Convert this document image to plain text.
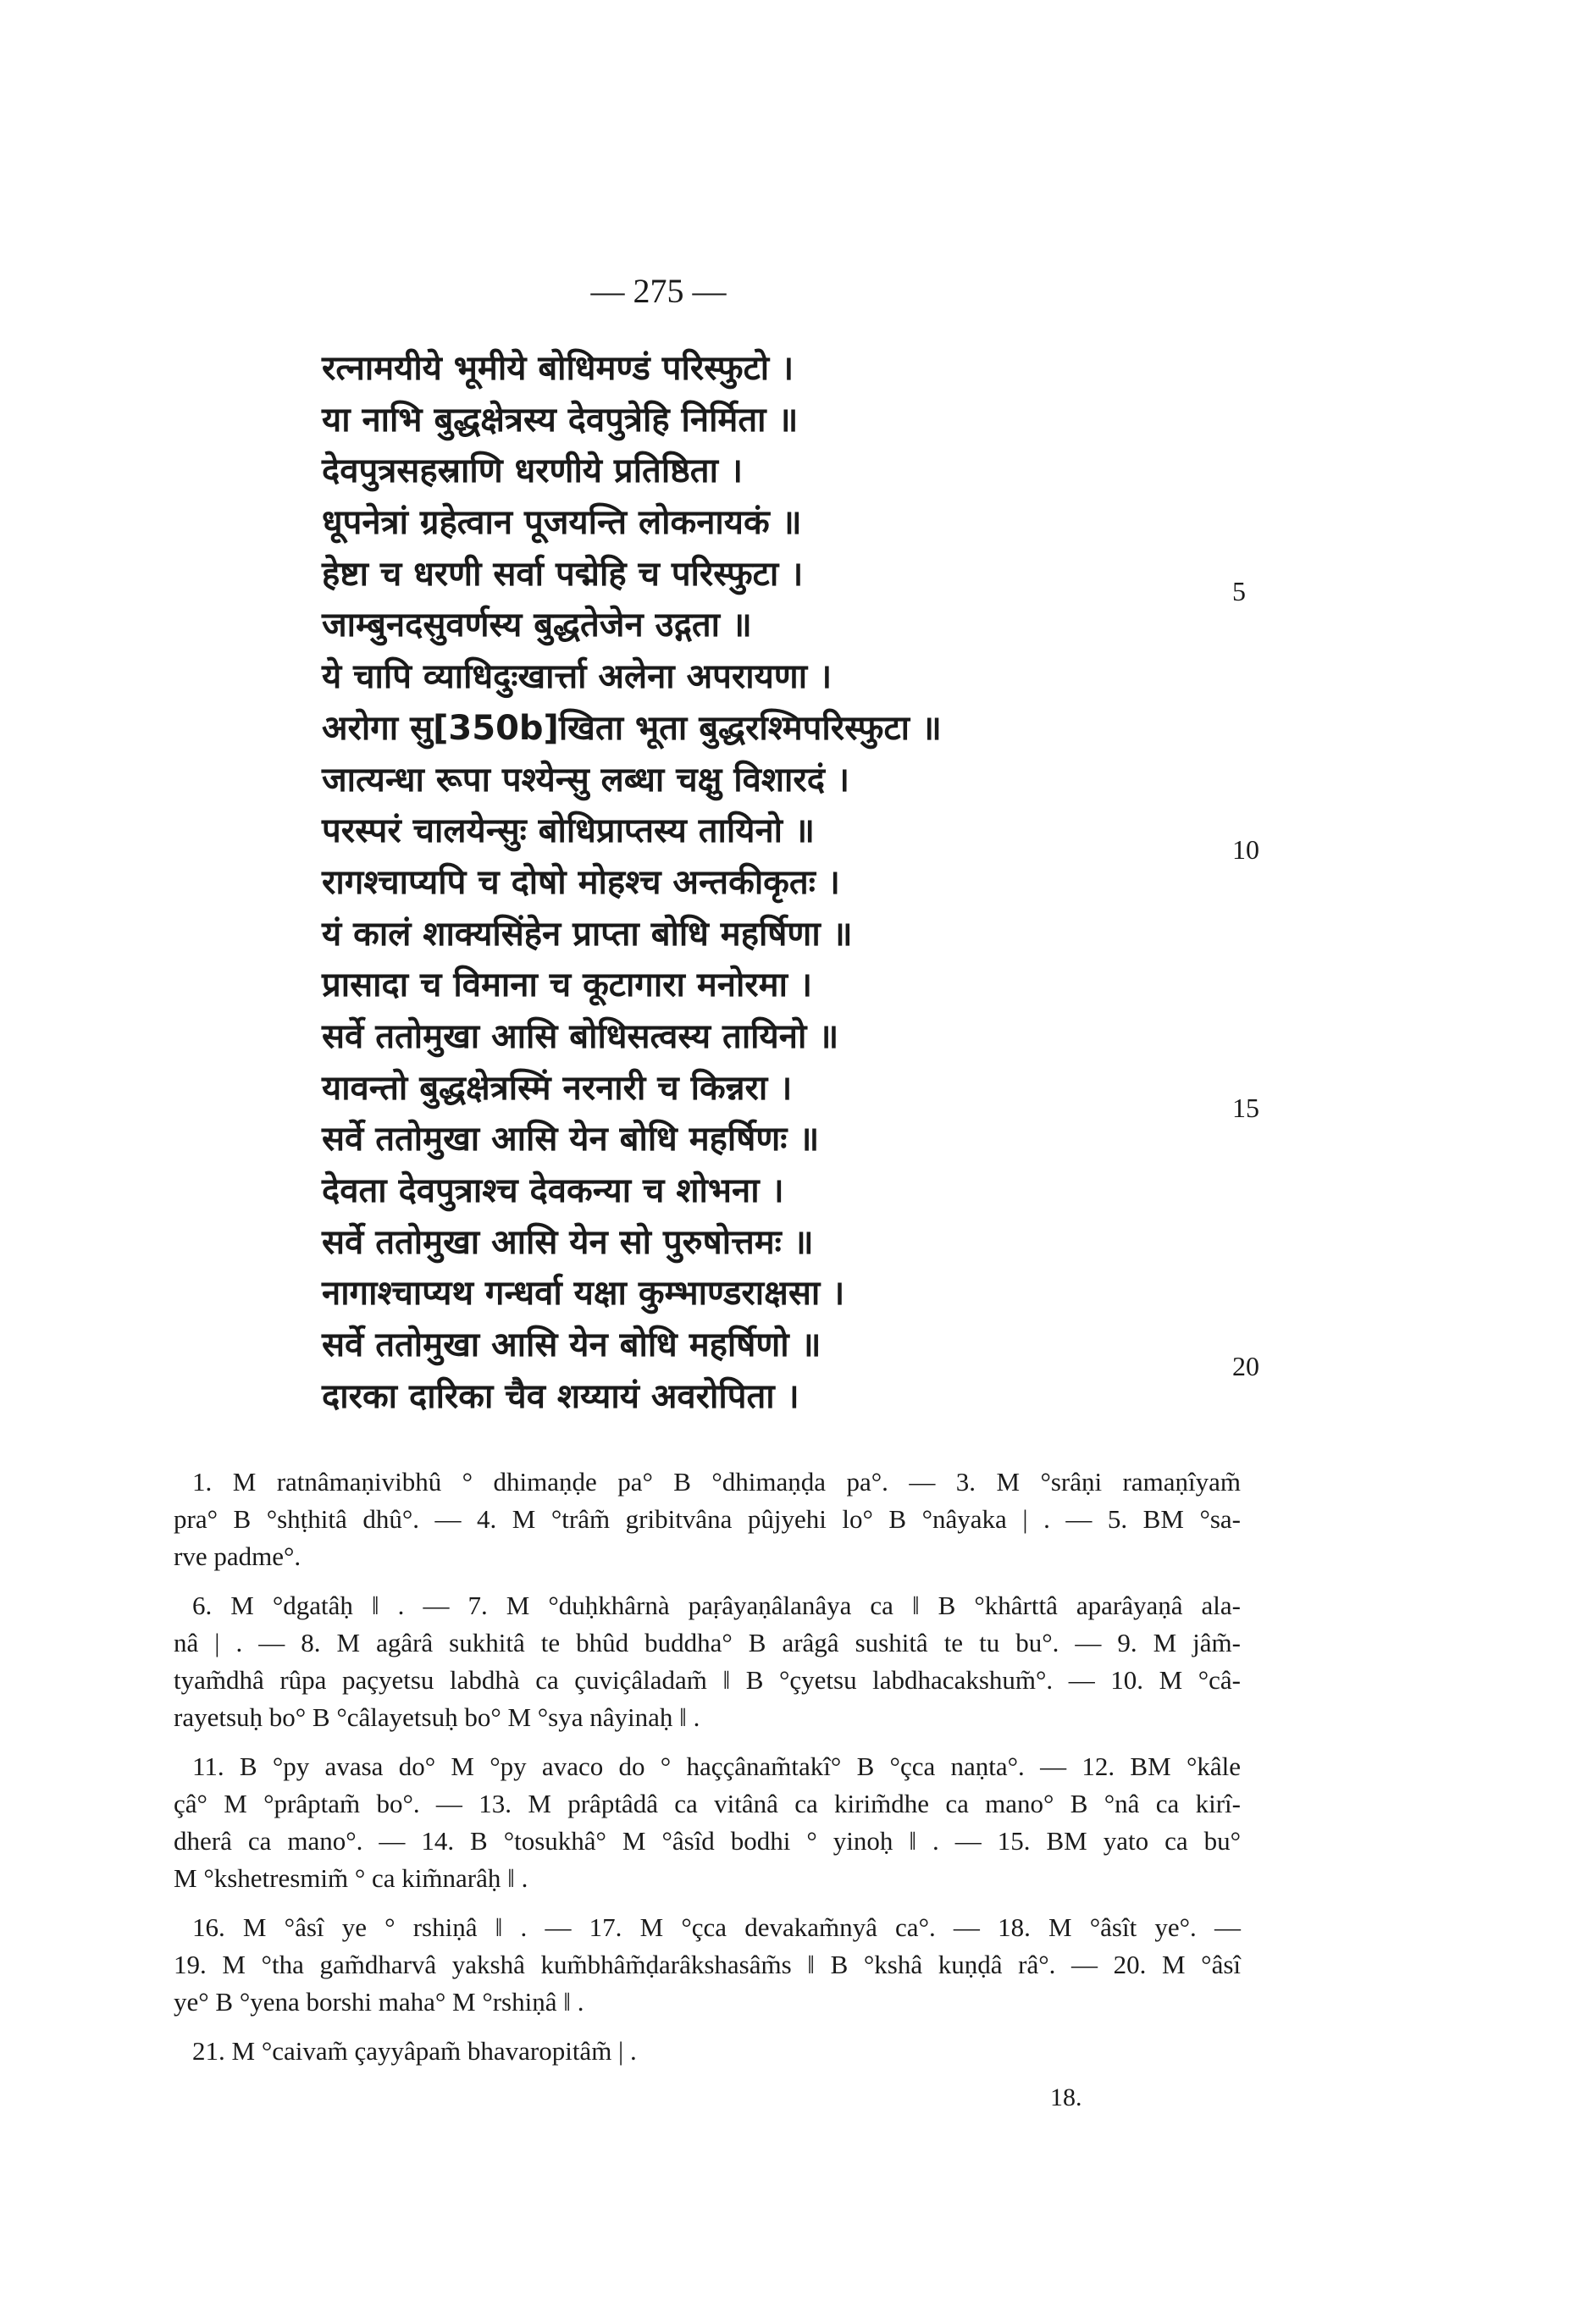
— 275 —
रत्नामयीये भूमीये बोधिमण्डं परिस्फुटो ।
या नाभि बुद्धक्षेत्रस्य देवपुत्रेहि निर्मिता ॥
देवपुत्रसहस्राणि धरणीये प्रतिष्ठिता ।
धूपनेत्रां ग्रहेत्वान पूजयन्ति लोकनायकं ॥
हेष्टा च धरणी सर्वा पद्मेहि च परिस्फुटा ।
जाम्बुनदसुवर्णस्य बुद्धतेजेन उद्गता ॥
ये चापि व्याधिदुःखार्त्ता अलेना अपरायणा ।
अरोगा सु[350b]खिता भूता बुद्धरश्मिपरिस्फुटा ॥
जात्यन्धा रूपा पश्येन्सु लब्धा चक्षु विशारदं ।
परस्परं चालयेन्सुः बोधिप्राप्तस्य तायिनो ॥
रागश्चाप्यपि च दोषो मोहश्च अन्तकीकृतः ।
यं कालं शाक्यसिंहेन प्राप्ता बोधि महर्षिणा ॥
प्रासादा च विमाना च कूटागारा मनोरमा ।
सर्वे ततोमुखा आसि बोधिसत्वस्य तायिनो ॥
यावन्तो बुद्धक्षेत्रस्मिं नरनारी च किन्नरा ।
सर्वे ततोमुखा आसि येन बोधि महर्षिणः ॥
देवता देवपुत्राश्च देवकन्या च शोभना ।
सर्वे ततोमुखा आसि येन सो पुरुषोत्तमः ॥
नागाश्चाप्यथ गन्धर्वा यक्षा कुम्भाण्डराक्षसा ।
सर्वे ततोमुखा आसि येन बोधि महर्षिणो ॥
दारका दारिका चैव शय्यायं अवरोपिता ।
5
10
15
20
1. M ratnâmaṇivibhû ° dhimaṇḍe pa° B °dhimaṇḍa pa°. — 3. M °srâṇi ramaṇîyam̃
pra° B °shṭhitâ dhû°. — 4. M °trâm̃ gribitvâna pûjyehi lo° B °nâyaka | . — 5. BM °sa-
rve padme°.
6. M °dgatâḥ ‖ . — 7. M °duḥkhârnà paṛâyaṇâlanâya ca ‖ B °khârttâ aparâyaṇâ ala-
nâ | . — 8. M agârâ sukhitâ te bhûd buddha° B arâgâ sushitâ te tu bu°. — 9. M jâm̃-
tyam̃dhâ rûpa paçyetsu labdhà ca çuviçâladam̃ ‖ B °çyetsu labdhacakshum̃°. — 10. M °câ-
rayetsuḥ bo° B °câlayetsuḥ bo° M °sya nâyinaḥ ‖ .
11. B °py avasa do° M °py avaco do ° haççânam̃takî° B °çca naṇta°. — 12. BM °kâle
çâ° M °prâptam̃ bo°. — 13. M prâptâdâ ca vitânâ ca kirim̃dhe ca mano° B °nâ ca kirî-
dherâ ca mano°. — 14. B °tosukhâ° M °âsîd bodhi ° yinoḥ ‖ . — 15. BM yato ca bu°
M °kshetresmim̃ ° ca kim̃narâḥ ‖ .
16. M °âsî ye ° rshiṇâ ‖ . — 17. M °çca devakam̃nyâ ca°. — 18. M °âsît ye°. —
19. M °tha gam̃dharvâ yakshâ kum̃bhâm̃ḍarâkshasâm̃s ‖ B °kshâ kuṇḍâ râ°. — 20. M °âsî
ye° B °yena borshi maha° M °rshiṇâ ‖ .
21. M °caivam̃ çayyâpam̃ bhavaropitâm̃ | .
18.
